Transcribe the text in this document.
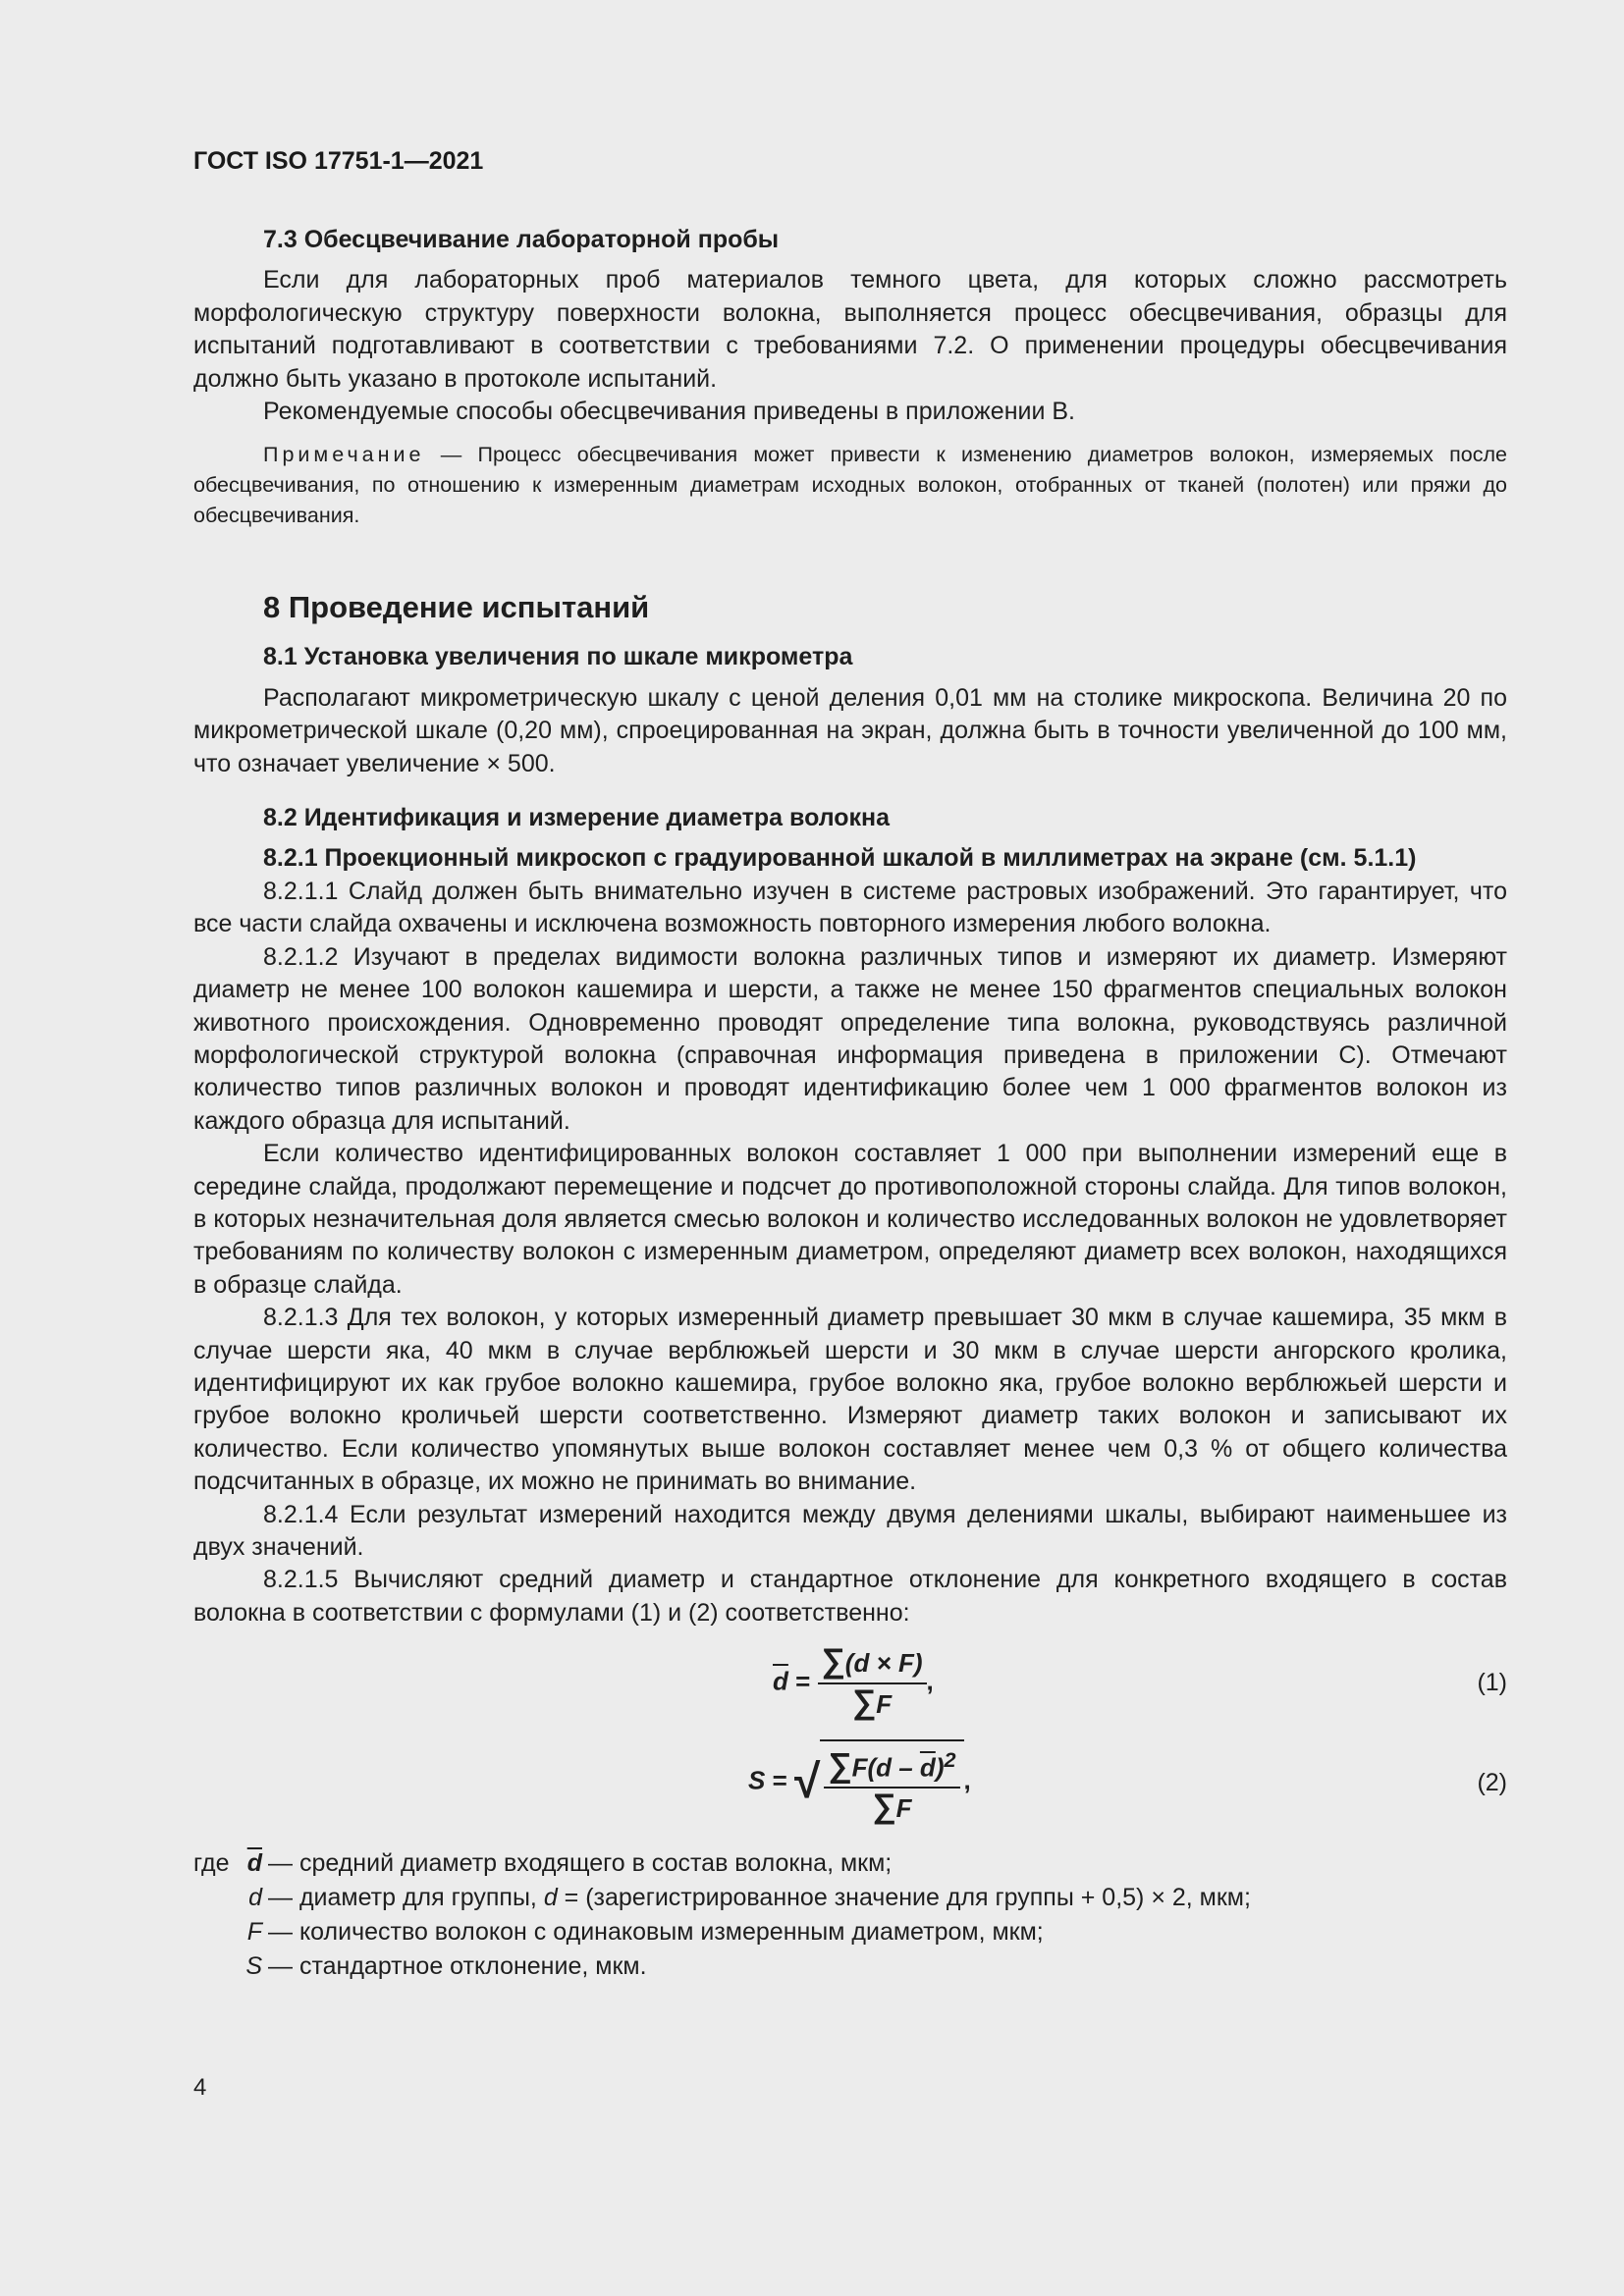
ГОСТ ISO 17751-1—2021
7.3 Обесцвечивание лабораторной пробы

Если для лабораторных проб материалов темного цвета, для которых сложно рассмотреть морфологическую структуру поверхности волокна, выполняется процесс обесцвечивания, образцы для испытаний подготавливают в соответствии с требованиями 7.2. О применении процедуры обесцвечивания должно быть указано в протоколе испытаний.

Рекомендуемые способы обесцвечивания приведены в приложении В.

Примечание — Процесс обесцвечивания может привести к изменению диаметров волокон, измеряемых после обесцвечивания, по отношению к измеренным диаметрам исходных волокон, отобранных от тканей (полотен) или пряжи до обесцвечивания.

8 Проведение испытаний
8.1 Установка увеличения по шкале микрометра

Располагают микрометрическую шкалу с ценой деления 0,01 мм на столике микроскопа. Величина 20 по микрометрической шкале (0,20 мм), спроецированная на экран, должна быть в точности увеличенной до 100 мм, что означает увеличение × 500.

8.2 Идентификация и измерение диаметра волокна

8.2.1 Проекционный микроскоп с градуированной шкалой в миллиметрах на экране (см. 5.1.1)

8.2.1.1 Слайд должен быть внимательно изучен в системе растровых изображений. Это гарантирует, что все части слайда охвачены и исключена возможность повторного измерения любого волокна.

8.2.1.2 Изучают в пределах видимости волокна различных типов и измеряют их диаметр. Измеряют диаметр не менее 100 волокон кашемира и шерсти, а также не менее 150 фрагментов специальных волокон животного происхождения. Одновременно проводят определение типа волокна, руководствуясь различной морфологической структурой волокна (справочная информация приведена в приложении С). Отмечают количество типов различных волокон и проводят идентификацию более чем 1 000 фрагментов волокон из каждого образца для испытаний.

Если количество идентифицированных волокон составляет 1 000 при выполнении измерений еще в середине слайда, продолжают перемещение и подсчет до противоположной стороны слайда. Для типов волокон, в которых незначительная доля является смесью волокон и количество исследованных волокон не удовлетворяет требованиям по количеству волокон с измеренным диаметром, определяют диаметр всех волокон, находящихся в образце слайда.

8.2.1.3 Для тех волокон, у которых измеренный диаметр превышает 30 мкм в случае кашемира, 35 мкм в случае шерсти яка, 40 мкм в случае верблюжьей шерсти и 30 мкм в случае шерсти ангорского кролика, идентифицируют их как грубое волокно кашемира, грубое волокно яка, грубое волокно верблюжьей шерсти и грубое волокно кроличьей шерсти соответственно. Измеряют диаметр таких волокон и записывают их количество. Если количество упомянутых выше волокон составляет менее чем 0,3 % от общего количества подсчитанных в образце, их можно не принимать во внимание.

8.2.1.4 Если результат измерений находится между двумя делениями шкалы, выбирают наименьшее из двух значений.

8.2.1.5 Вычисляют средний диаметр и стандартное отклонение для конкретного входящего в состав волокна в соответствии с формулами (1) и (2) соответственно:

$\overline{d} = \frac{\sum(d \times F)}{\sum F}$ ,	(1)
S = √ $\frac{\sum F(d - \overline{d})^2}{\sum F}$ ,	(2)
где $\overline{d}$ — средний диаметр входящего в состав волокна, мкм;
d — диаметр для группы, d = (зарегистрированное значение для группы + 0,5) × 2, мкм;
F — количество волокон с одинаковым измеренным диаметром, мкм;
S — стандартное отклонение, мкм.
4
